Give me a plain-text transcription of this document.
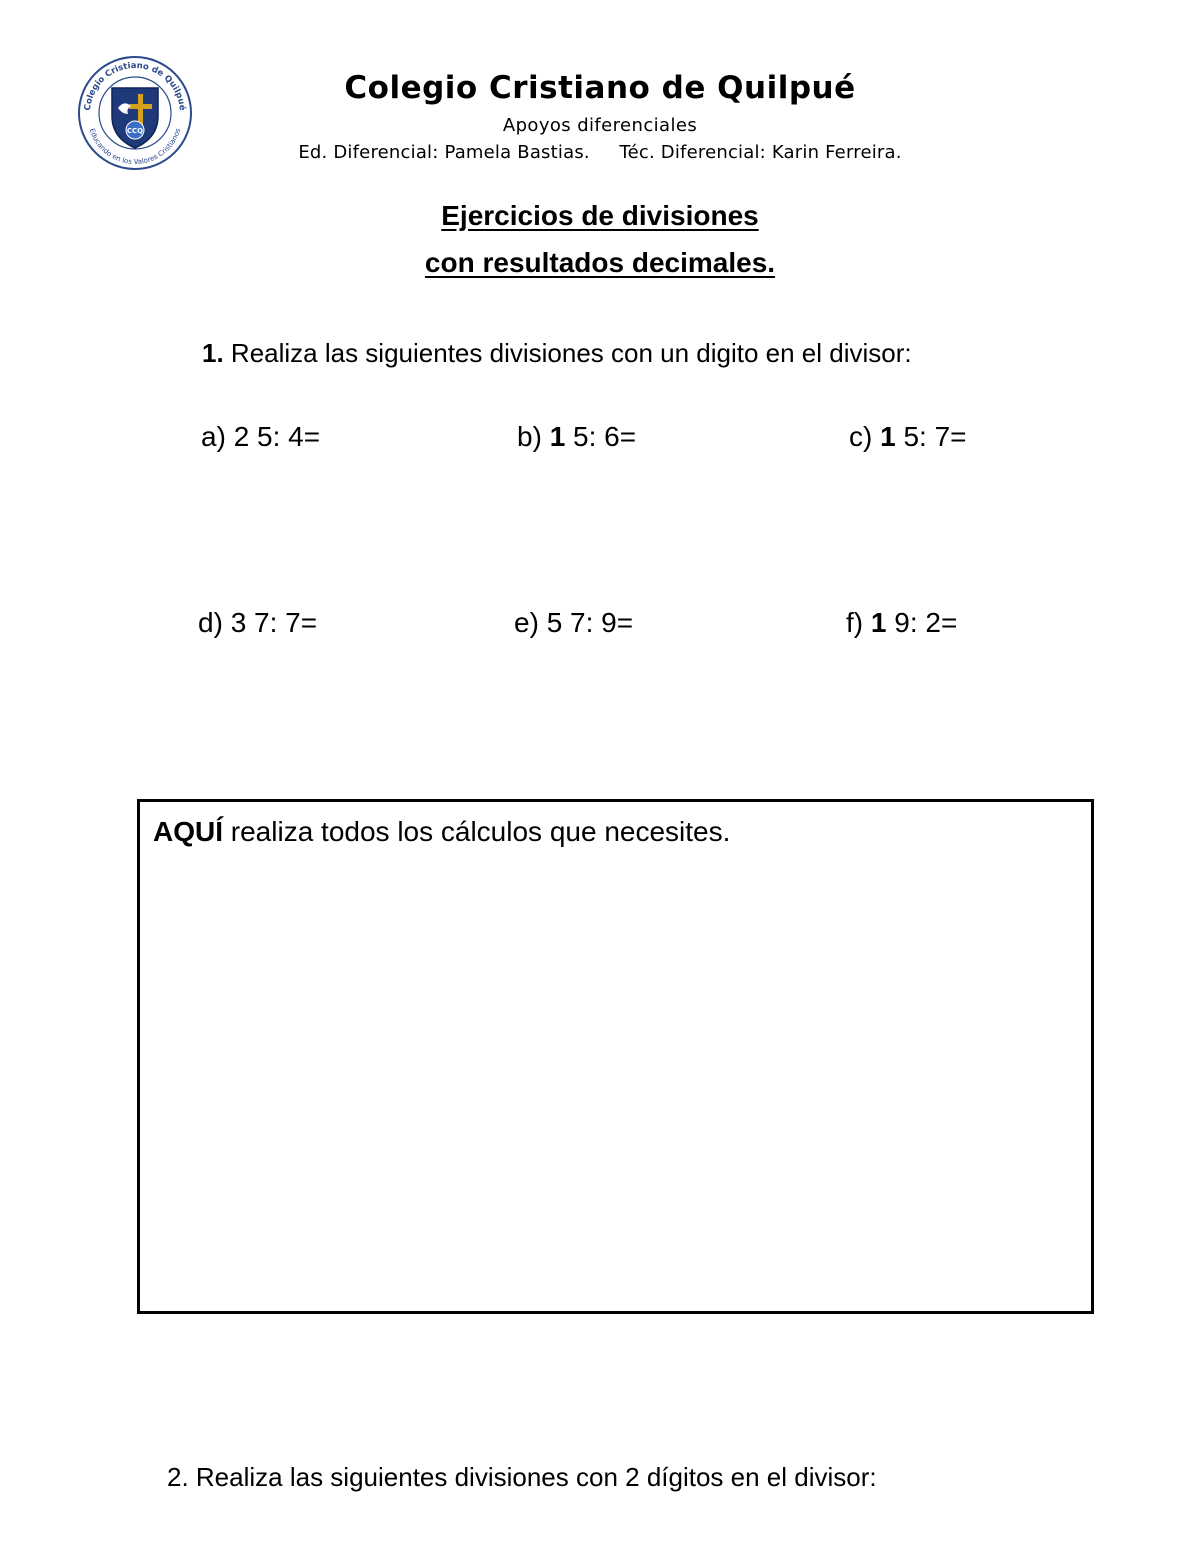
Colegio Cristiano de Quilpué
Educando en los Valores Cristianos
CCQ
Colegio Cristiano de Quilpué
Apoyos diferenciales
Ed. Diferencial: Pamela Bastias.     Téc. Diferencial: Karin Ferreira.
Ejercicios de divisiones
con resultados decimales.
1. Realiza las siguientes divisiones con un digito en el divisor:
a) 2 5: 4=	b) 1 5: 6=	c) 1 5: 7=
d) 3 7: 7=	e) 5 7: 9=	f) 1 9: 2=
AQUÍ realiza todos los cálculos que necesites.
2. Realiza las siguientes divisiones con 2 dígitos en el divisor:
